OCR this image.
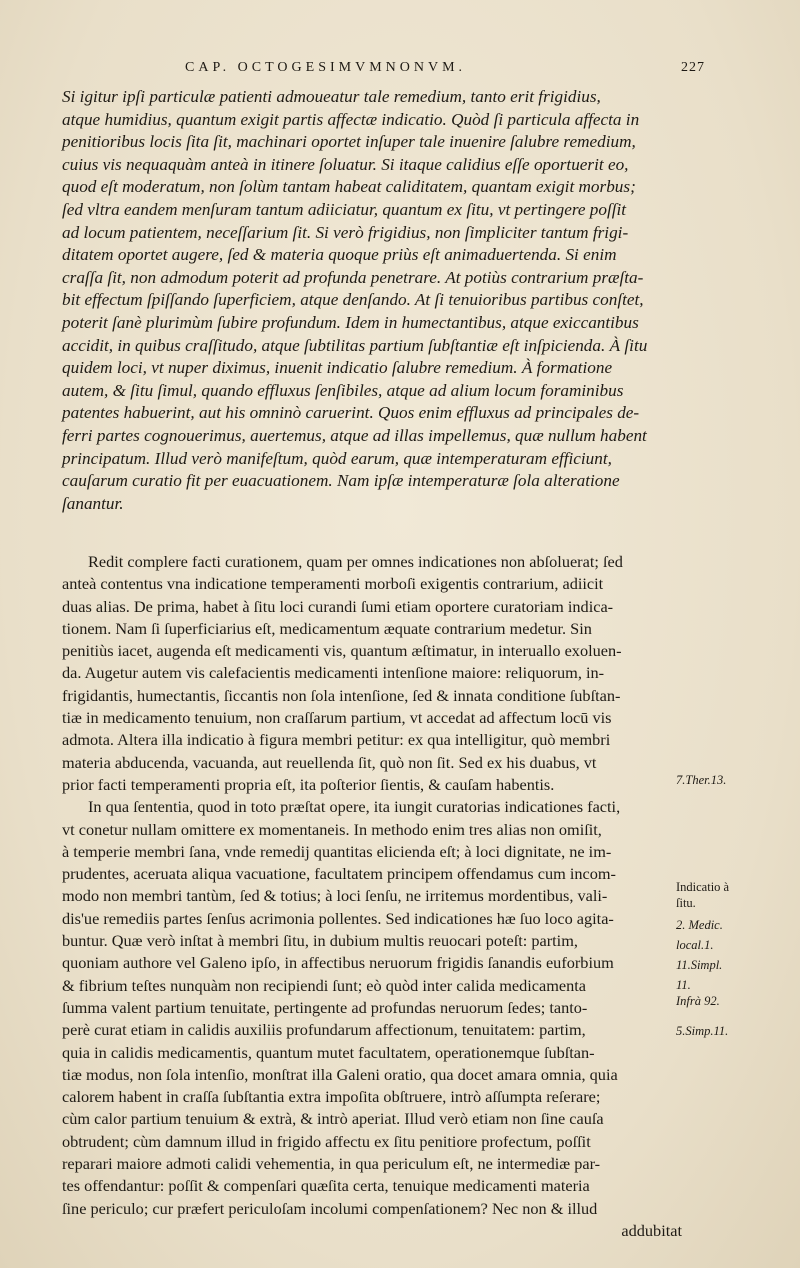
CAP. OCTOGESIMVMNONVM.	227
Si igitur ipſi particulæ patienti admoueatur tale remedium, tanto erit frigidius,
atque humidius, quantum exigit partis affectæ indicatio. Quòd ſi particula affecta in
penitioribus locis ſita ſit, machinari oportet inſuper tale inuenire ſalubre remedium,
cuius vis nequaquàm anteà in itinere ſoluatur. Si itaque calidius eſſe oportuerit eo,
quod eſt moderatum, non ſolùm tantam habeat caliditatem, quantam exigit morbus;
ſed vltra eandem menſuram tantum adiiciatur, quantum ex ſitu, vt pertingere poſſit
ad locum patientem, neceſſarium ſit. Si verò frigidius, non ſimpliciter tantum frigi-
ditatem oportet augere, ſed & materia quoque priùs eſt animaduertenda. Si enim
craſſa ſit, non admodum poterit ad profunda penetrare. At potiùs contrarium præſta-
bit effectum ſpiſſando ſuperficiem, atque denſando. At ſi tenuioribus partibus conſtet,
poterit ſanè plurimùm ſubire profundum. Idem in humectantibus, atque exiccantibus
accidit, in quibus craſſitudo, atque ſubtilitas partium ſubſtantiæ eſt inſpicienda. À ſitu
quidem loci, vt nuper diximus, inuenit indicatio ſalubre remedium. À formatione
autem, & ſitu ſimul, quando effluxus ſenſibiles, atque ad alium locum foraminibus
patentes habuerint, aut his omninò caruerint. Quos enim effluxus ad principales de-
ferri partes cognouerimus, auertemus, atque ad illas impellemus, quæ nullum habent
principatum. Illud verò manifeſtum, quòd earum, quæ intemperaturam efficiunt,
cauſarum curatio fit per euacuationem. Nam ipſæ intemperaturæ ſola alteratione
ſanantur.
Redit complere facti curationem, quam per omnes indicationes non abſoluerat; ſed
anteà contentus vna indicatione temperamenti morboſi exigentis contrarium, adiicit
duas alias. De prima, habet à ſitu loci curandi ſumi etiam oportere curatoriam indica-
tionem. Nam ſi ſuperficiarius eſt, medicamentum æquate contrarium medetur. Sin
penitiùs iacet, augenda eſt medicamenti vis, quantum æſtimatur, in interuallo exoluen-
da. Augetur autem vis calefacientis medicamenti intenſione maiore: reliquorum, in-
frigidantis, humectantis, ſiccantis non ſola intenſione, ſed & innata conditione ſubſtan-
tiæ in medicamento tenuium, non craſſarum partium, vt accedat ad affectum locū vis
admota. Altera illa indicatio à figura membri petitur: ex qua intelligitur, quò membri
materia abducenda, vacuanda, aut reuellenda ſit, quò non ſit. Sed ex his duabus, vt
prior facti temperamenti propria eſt, ita poſterior ſientis, & cauſam habentis.
In qua ſententia, quod in toto præſtat opere, ita iungit curatorias indicationes facti,
vt conetur nullam omittere ex momentaneis. In methodo enim tres alias non omiſit,
à temperie membri ſana, vnde remedij quantitas elicienda eſt; à loci dignitate, ne im-
prudentes, aceruata aliqua vacuatione, facultatem principem offendamus cum incom-
modo non membri tantùm, ſed & totius; à loci ſenſu, ne irritemus mordentibus, vali-
dis'ue remediis partes ſenſus acrimonia pollentes. Sed indicationes hæ ſuo loco agita-
buntur. Quæ verò inſtat à membri ſitu, in dubium multis reuocari poteſt: partim,
quoniam authore vel Galeno ipſo, in affectibus neruorum frigidis ſanandis euforbium
& fibrium teſtes nunquàm non recipiendi ſunt; eò quòd inter calida medicamenta
ſumma valent partium tenuitate, pertingente ad profundas neruorum ſedes; tanto-
perè curat etiam in calidis auxiliis profundarum affectionum, tenuitatem: partim,
quia in calidis medicamentis, quantum mutet facultatem, operationemque ſubſtan-
tiæ modus, non ſola intenſio, monſtrat illa Galeni oratio, qua docet amara omnia, quia
calorem habent in craſſa ſubſtantia extra impoſita obſtruere, intrò aſſumpta reſerare;
cùm calor partium tenuium & extrà, & intrò aperiat. Illud verò etiam non ſine cauſa
obtrudent; cùm damnum illud in frigido affectu ex ſitu penitiore profectum, poſſit
reparari maiore admoti calidi vehementia, in qua periculum eſt, ne intermediæ par-
tes offendantur: poſſit & compenſari quæſita certa, tenuique medicamenti materia
ſine periculo; cur præfert periculoſam incolumi compenſationem? Nec non & illud
addubitat
7.Ther.13.
Indicatio à
ſitu.
2. Medic.
local.1.
11.Simpl.
11.
Infrà 92.
5.Simp.11.
